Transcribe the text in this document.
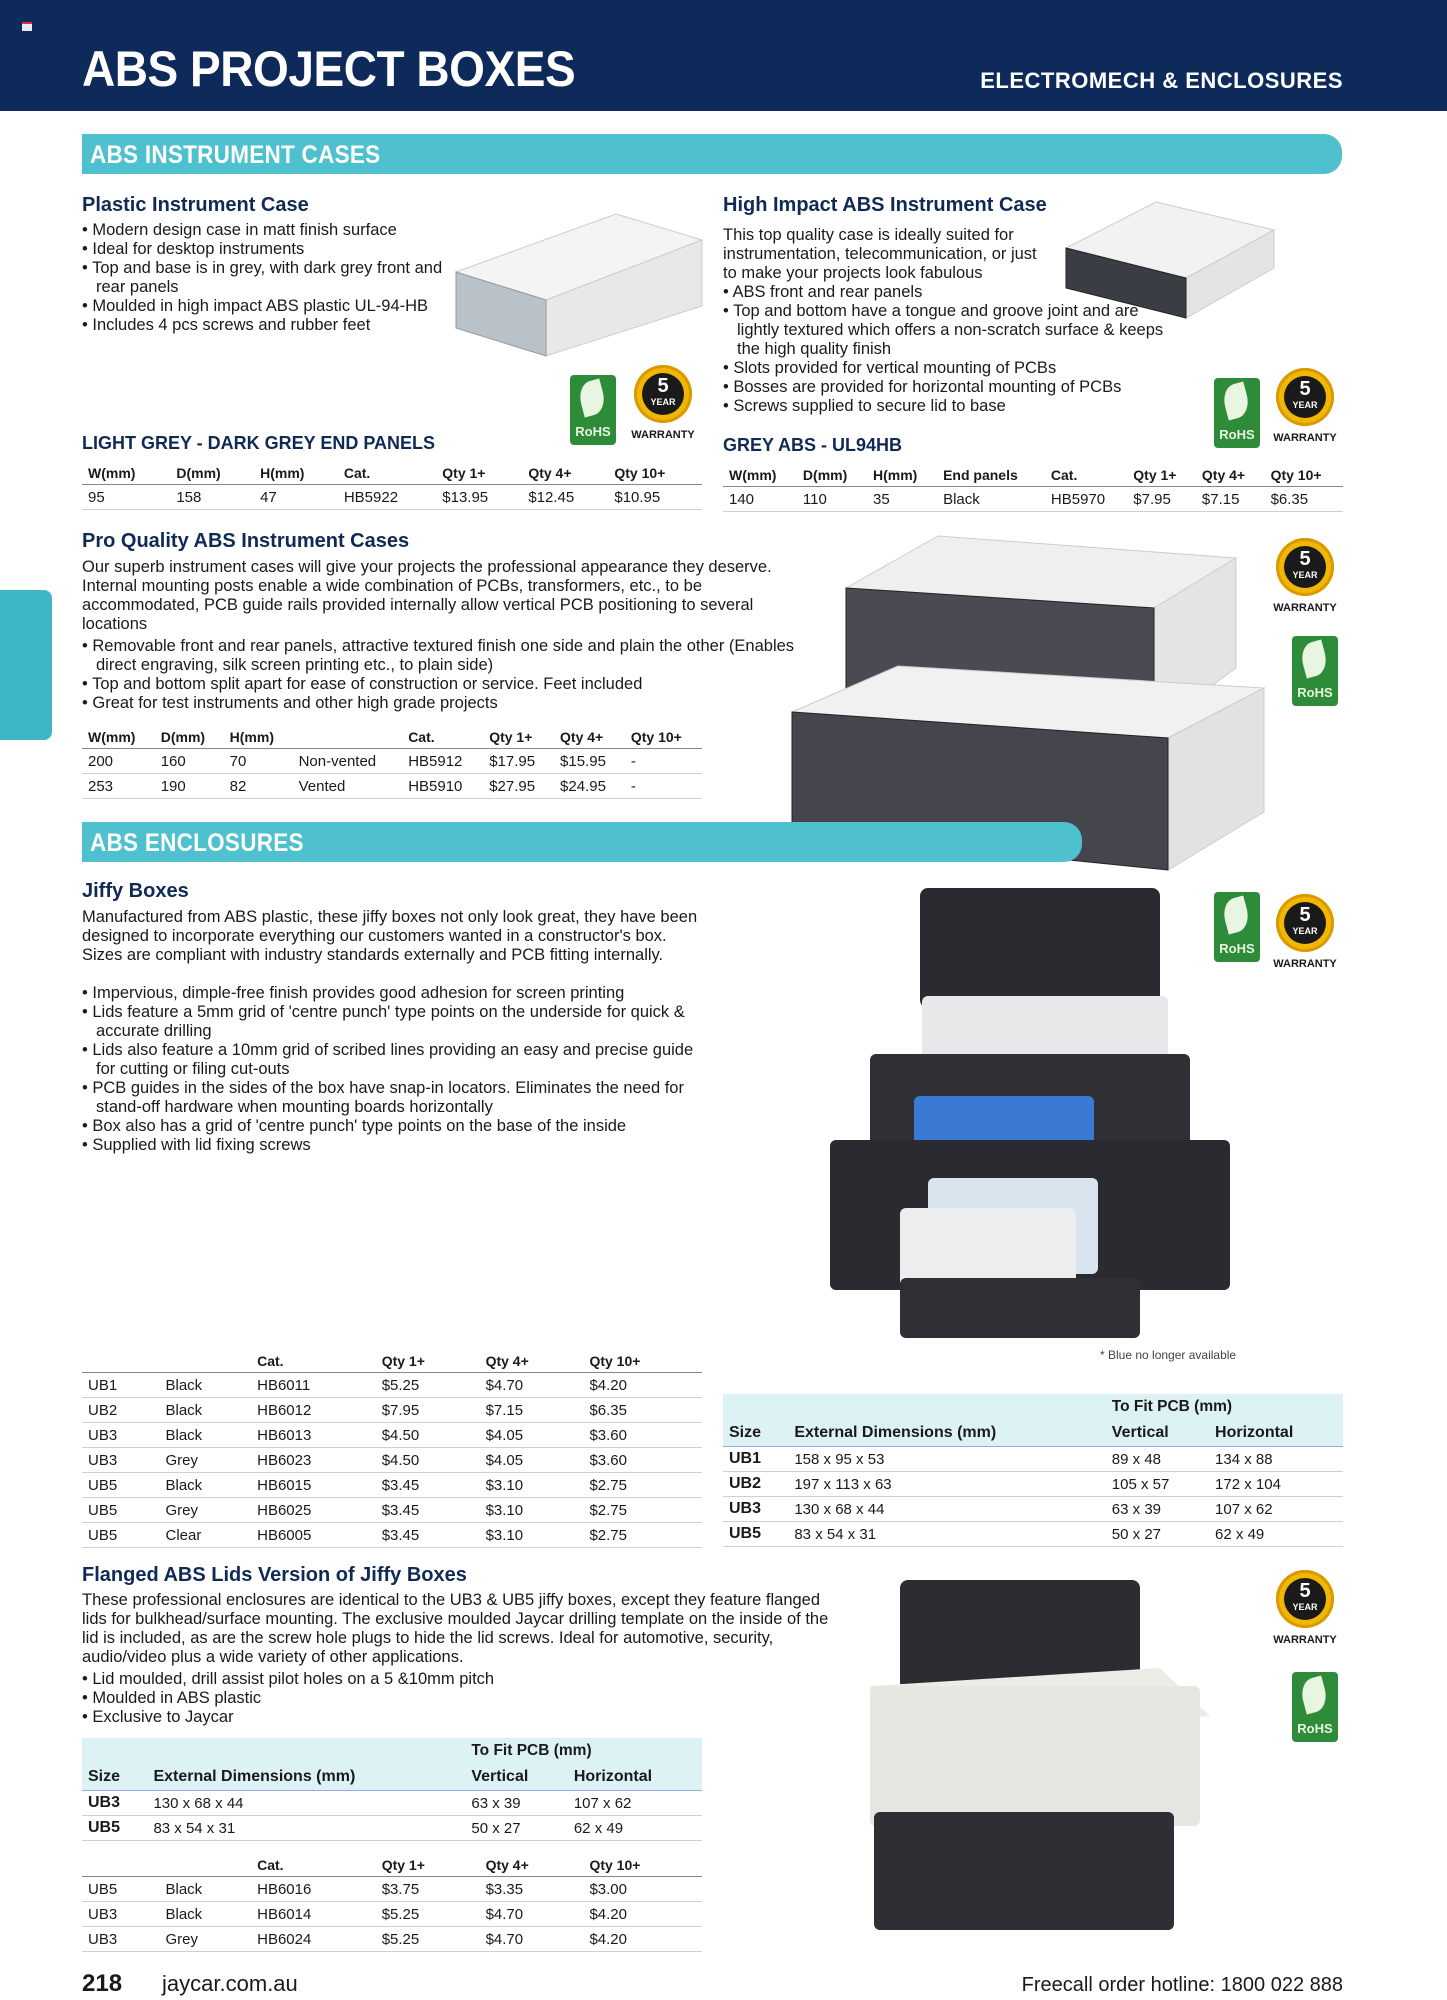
ABS PROJECT BOXES	ELECTROMECH & ENCLOSURES
ABS INSTRUMENT CASES
Plastic Instrument Case
• Modern design case in matt finish surface
• Ideal for desktop instruments
• Top and base is in grey, with dark grey front and rear panels
• Moulded in high impact ABS plastic UL-94-HB
• Includes 4 pcs screws and rubber feet
RoHS
5
YEAR
WARRANTY
LIGHT GREY - DARK GREY END PANELS
W(mm)	D(mm)	H(mm)	Cat.	Qty 1+	Qty 4+	Qty 10+
95	158	47	HB5922	$13.95	$12.45	$10.95
High Impact ABS Instrument Case
This top quality case is ideally suited for instrumentation, telecommunication, or just to make your projects look fabulous
• ABS front and rear panels
• Top and bottom have a tongue and groove joint and are lightly textured which offers a non-scratch surface & keeps the high quality finish
• Slots provided for vertical mounting of PCBs
• Bosses are provided for horizontal mounting of PCBs
• Screws supplied to secure lid to base
RoHS
5
YEAR
WARRANTY
GREY ABS - UL94HB
W(mm)	D(mm)	H(mm)	End panels	Cat.	Qty 1+	Qty 4+	Qty 10+
140	110	35	Black	HB5970	$7.95	$7.15	$6.35
Pro Quality ABS Instrument Cases
Our superb instrument cases will give your projects the professional appearance they deserve. Internal mounting posts enable a wide combination of PCBs, transformers, etc., to be accommodated, PCB guide rails provided internally allow vertical PCB positioning to several locations
• Removable front and rear panels, attractive textured finish one side and plain the other (Enables direct engraving, silk screen printing etc., to plain side)
• Top and bottom split apart for ease of construction or service. Feet included
• Great for test instruments and other high grade projects
W(mm)	D(mm)	H(mm)		Cat.	Qty 1+	Qty 4+	Qty 10+
200	160	70	Non-vented	HB5912	$17.95	$15.95	-
253	190	82	Vented	HB5910	$27.95	$24.95	-
5
YEAR
WARRANTY
RoHS
ABS ENCLOSURES
Jiffy Boxes
Manufactured from ABS plastic, these jiffy boxes not only look great, they have been designed to incorporate everything our customers wanted in a constructor's box. Sizes are compliant with industry standards externally and PCB fitting internally.
• Impervious, dimple-free finish provides good adhesion for screen printing
• Lids feature a 5mm grid of 'centre punch' type points on the underside for quick & accurate drilling
• Lids also feature a 10mm grid of scribed lines providing an easy and precise guide for cutting or filing cut-outs
• PCB guides in the sides of the box have snap-in locators. Eliminates the need for stand-off hardware when mounting boards horizontally
• Box also has a grid of 'centre punch' type points on the base of the inside
• Supplied with lid fixing screws
RoHS
5
YEAR
WARRANTY
* Blue no longer available
		Cat.	Qty 1+	Qty 4+	Qty 10+
UB1	Black	HB6011	$5.25	$4.70	$4.20
UB2	Black	HB6012	$7.95	$7.15	$6.35
UB3	Black	HB6013	$4.50	$4.05	$3.60
UB3	Grey	HB6023	$4.50	$4.05	$3.60
UB5	Black	HB6015	$3.45	$3.10	$2.75
UB5	Grey	HB6025	$3.45	$3.10	$2.75
UB5	Clear	HB6005	$3.45	$3.10	$2.75
		To Fit PCB (mm)	
Size	External Dimensions (mm)	Vertical	Horizontal
UB1	158 x 95 x 53	89 x 48	134 x 88
UB2	197 x 113 x 63	105 x 57	172 x 104
UB3	130 x 68 x 44	63 x 39	107 x 62
UB5	83 x 54 x 31	50 x 27	62 x 49
Flanged ABS Lids Version of Jiffy Boxes
These professional enclosures are identical to the UB3 & UB5 jiffy boxes, except they feature flanged lids for bulkhead/surface mounting. The exclusive moulded Jaycar drilling template on the inside of the lid is included, as are the screw hole plugs to hide the lid screws. Ideal for automotive, security, audio/video plus a wide variety of other applications.
• Lid moulded, drill assist pilot holes on a 5 &10mm pitch
• Moulded in ABS plastic
• Exclusive to Jaycar
		To Fit PCB (mm)	
Size	External Dimensions (mm)	Vertical	Horizontal
UB3	130 x 68 x 44	63 x 39	107 x 62
UB5	83 x 54 x 31	50 x 27	62 x 49
		Cat.	Qty 1+	Qty 4+	Qty 10+
UB5	Black	HB6016	$3.75	$3.35	$3.00
UB3	Black	HB6014	$5.25	$4.70	$4.20
UB3	Grey	HB6024	$5.25	$4.70	$4.20
5
YEAR
WARRANTY
RoHS
218 jaycar.com.au	Freecall order hotline: 1800 022 888
